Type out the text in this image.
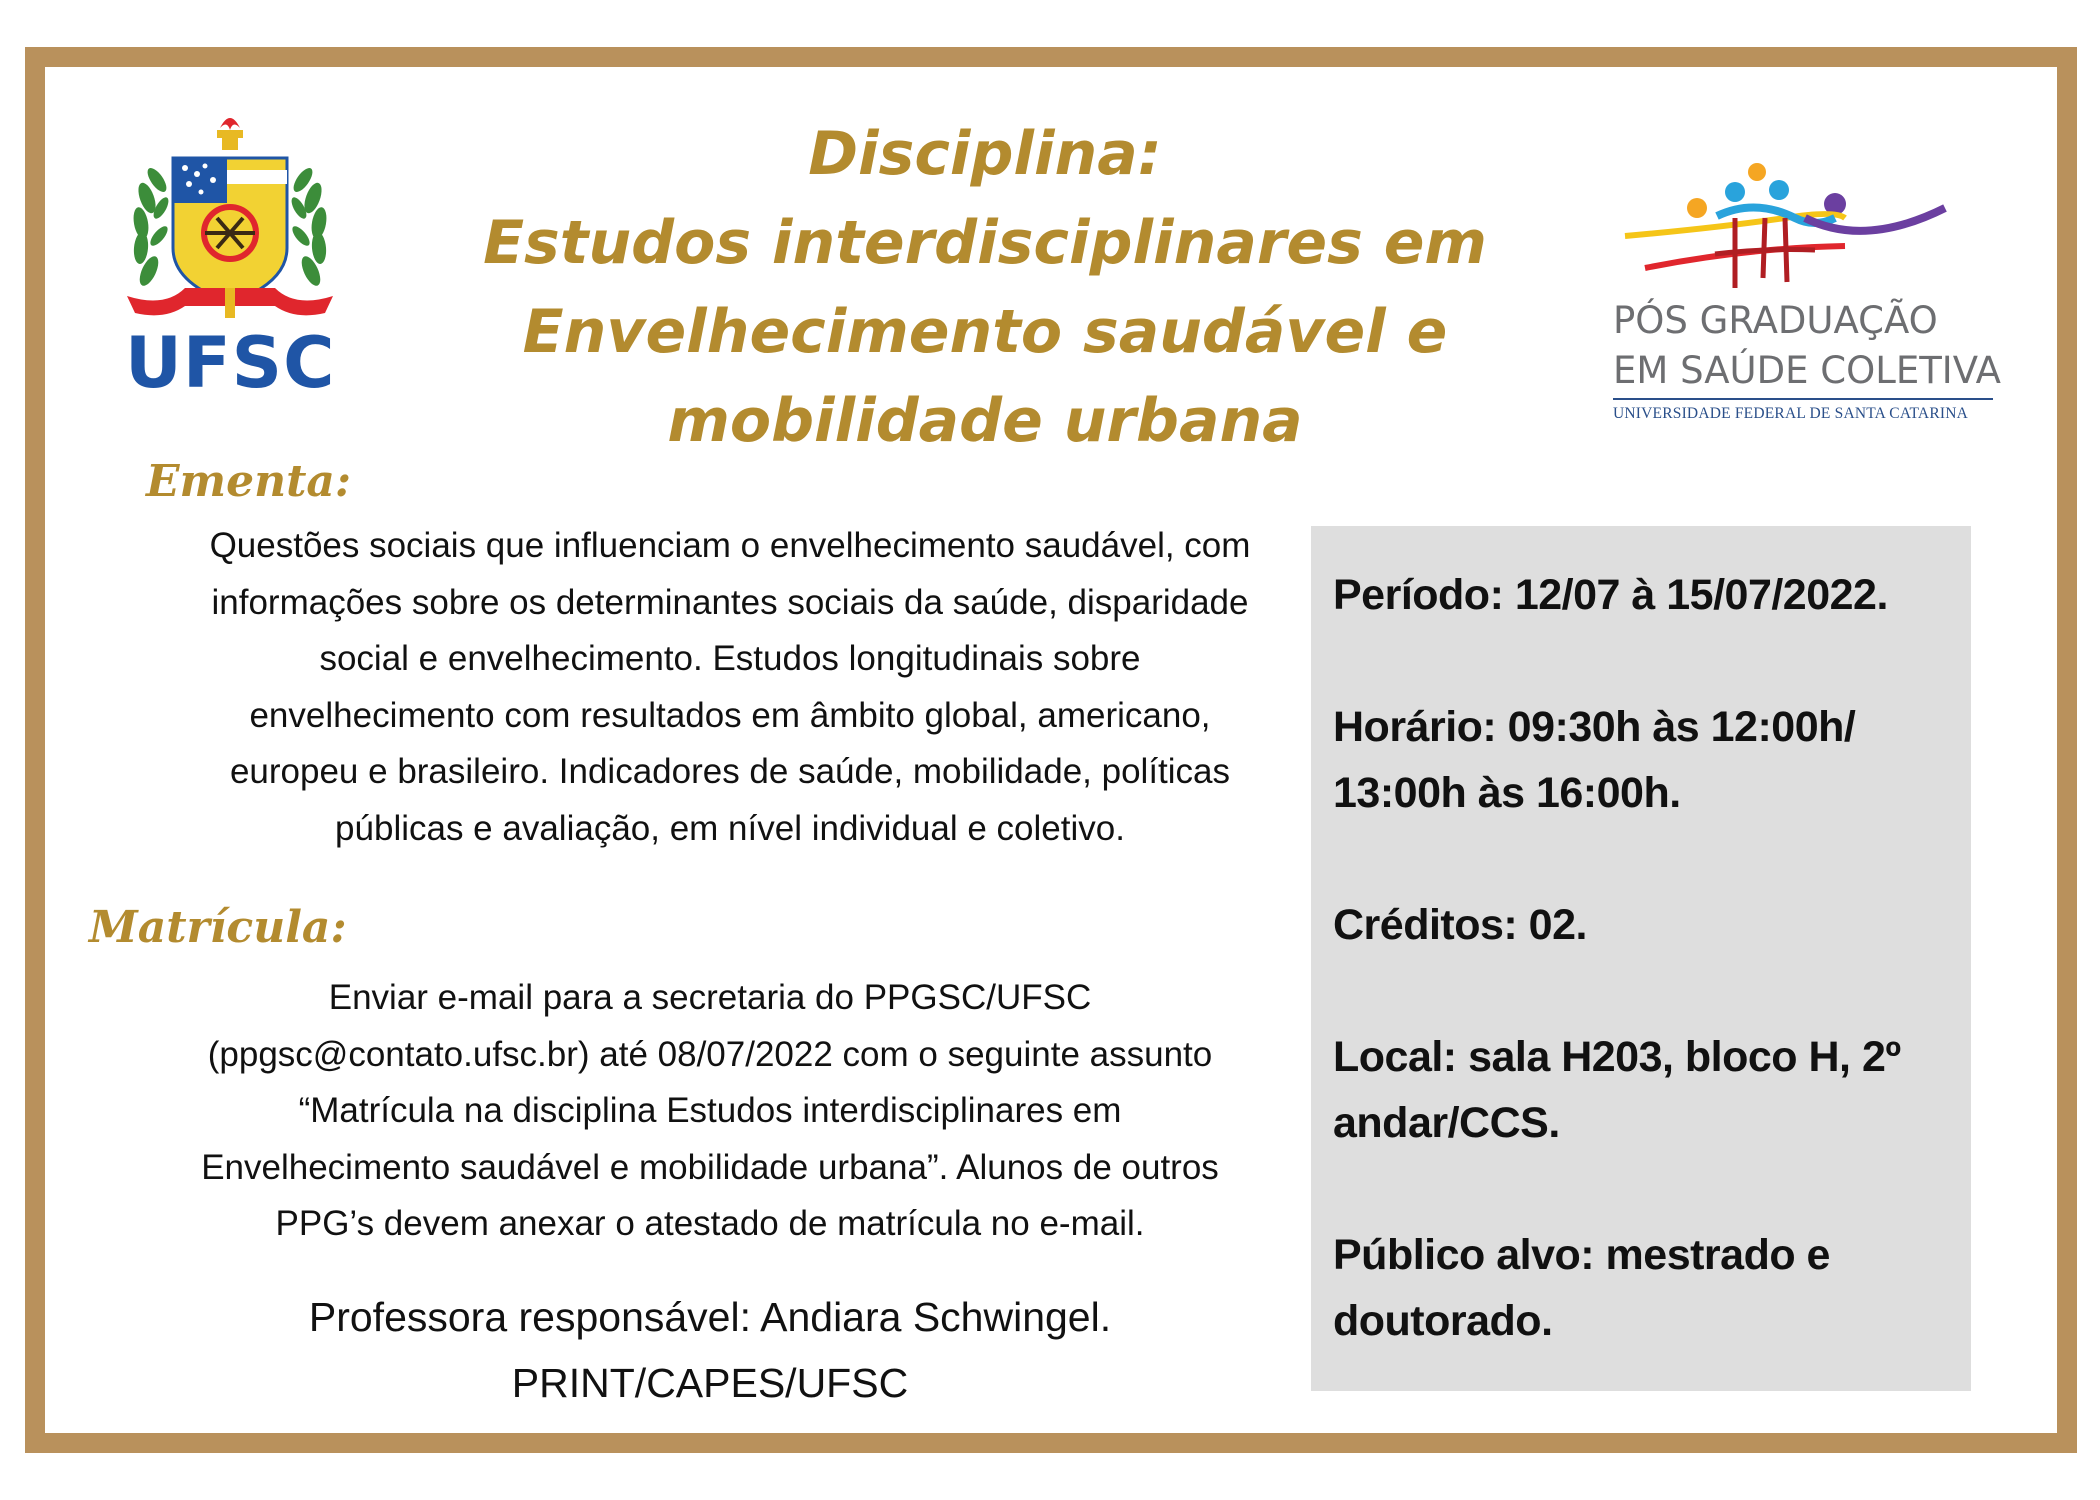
UFSC
PÓS GRADUAÇÃO
EM SAÚDE COLETIVA
UNIVERSIDADE FEDERAL DE SANTA CATARINA
Disciplina:
Estudos interdisciplinares em
Envelhecimento saudável e
mobilidade urbana
Ementa:
Questões sociais que influenciam o envelhecimento saudável, com
informações sobre os determinantes sociais da saúde, disparidade
social e envelhecimento. Estudos longitudinais sobre
envelhecimento com resultados em âmbito global, americano,
europeu e brasileiro. Indicadores de saúde, mobilidade, políticas
públicas e avaliação, em nível individual e coletivo.
Matrícula:
Enviar e-mail para a secretaria do PPGSC/UFSC
(ppgsc@contato.ufsc.br) até 08/07/2022 com o seguinte assunto
“Matrícula na disciplina Estudos interdisciplinares em
Envelhecimento saudável e mobilidade urbana”. Alunos de outros
PPG’s devem anexar o atestado de matrícula no e-mail.
Professora responsável: Andiara Schwingel.
PRINT/CAPES/UFSC
Período: 12/07 à 15/07/2022.
Horário: 09:30h às 12:00h/
13:00h às 16:00h.
Créditos: 02.
Local: sala H203, bloco H, 2º
andar/CCS.
Público alvo: mestrado e
doutorado.
